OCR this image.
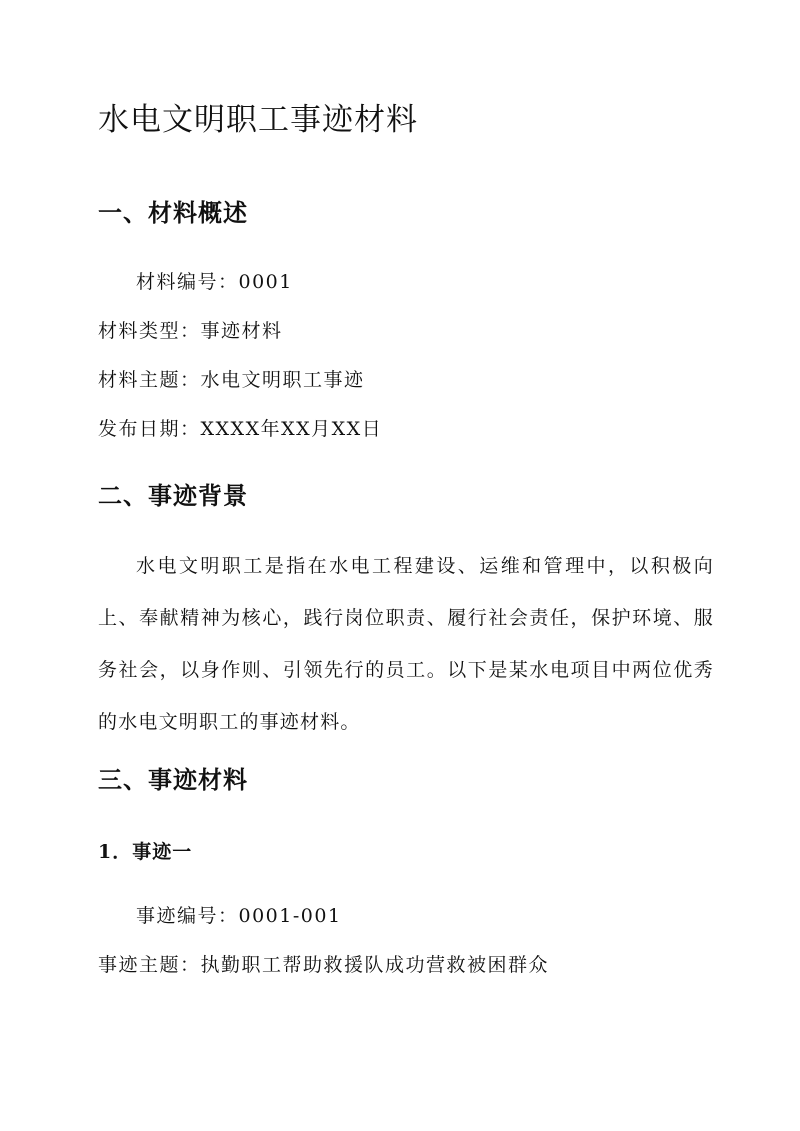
水电文明职工事迹材料
一、材料概述
材料编号：0001
材料类型：事迹材料
材料主题：水电文明职工事迹
发布日期：XXXX年XX月XX日
二、事迹背景
水电文明职工是指在水电工程建设、运维和管理中，以积极向上、奉献精神为核心，践行岗位职责、履行社会责任，保护环境、服务社会，以身作则、引领先行的员工。以下是某水电项目中两位优秀的水电文明职工的事迹材料。
三、事迹材料
1．事迹一
事迹编号：0001-001
事迹主题：执勤职工帮助救援队成功营救被困群众
